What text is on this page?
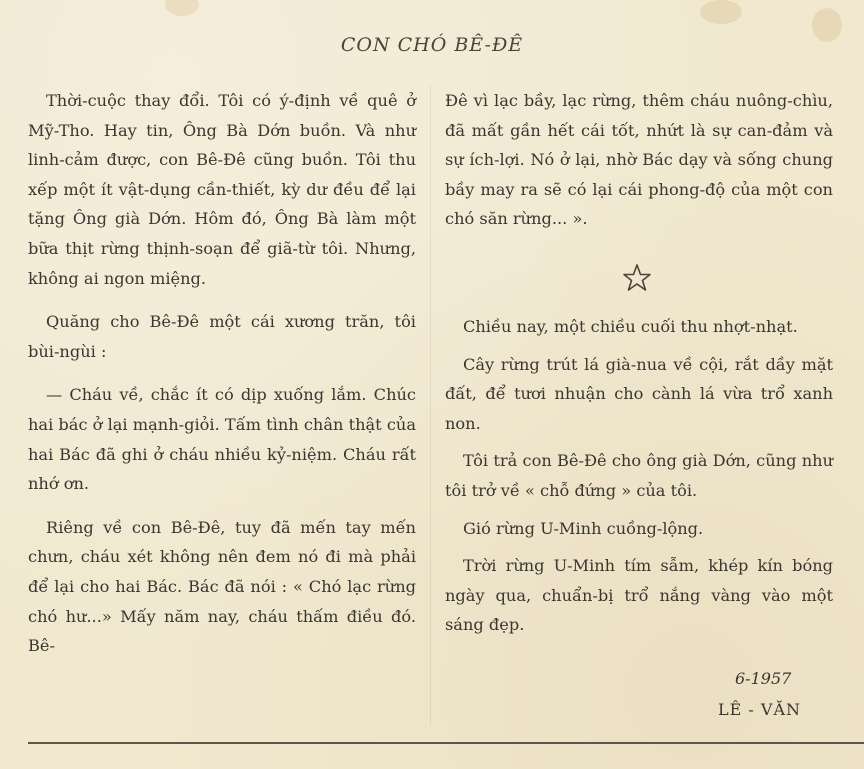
CON CHÓ BÊ-ĐÊ

Thời-cuộc thay đổi. Tôi có ý-định về quê ở Mỹ-Tho. Hay tin, Ông Bà Dớn buồn. Và như linh-cảm được, con Bê-Đê cũng buồn. Tôi thu xếp một ít vật-dụng cần-thiết, kỳ dư đều để lại tặng Ông già Dớn. Hôm đó, Ông Bà làm một bữa thịt rừng thịnh-soạn để giã-từ tôi. Nhưng, không ai ngon miệng.

Quăng cho Bê-Đê một cái xương trăn, tôi bùi-ngùi :

— Cháu về, chắc ít có dịp xuống lắm. Chúc hai bác ở lại mạnh-giỏi. Tấm tình chân thật của hai Bác đã ghi ở cháu nhiều kỷ-niệm. Cháu rất nhớ ơn.

Riêng về con Bê-Đê, tuy đã mến tay mến chưn, cháu xét không nên đem nó đi mà phải để lại cho hai Bác. Bác đã nói : « Chó lạc rừng chó hư...» Mấy năm nay, cháu thấm điều đó. Bê-

Đê vì lạc bầy, lạc rừng, thêm cháu nuông-chìu, đã mất gần hết cái tốt, nhứt là sự can-đảm và sự ích-lợi. Nó ở lại, nhờ Bác dạy và sống chung bầy may ra sẽ có lại cái phong-độ của một con chó săn rừng... ».

Chiều nay, một chiều cuối thu nhợt-nhạt.

Cây rừng trút lá già-nua về cội, rắt dầy mặt đất, để tươi nhuận cho cành lá vừa trổ xanh non.

Tôi trả con Bê-Đê cho ông già Dớn, cũng như tôi trở về « chỗ đứng » của tôi.

Gió rừng U-Minh cuồng-lộng.

Trời rừng U-Minh tím sẫm, khép kín bóng ngày qua, chuẩn-bị trổ nắng vàng vào một sáng đẹp.

6-1957
LÊ - VĂN
